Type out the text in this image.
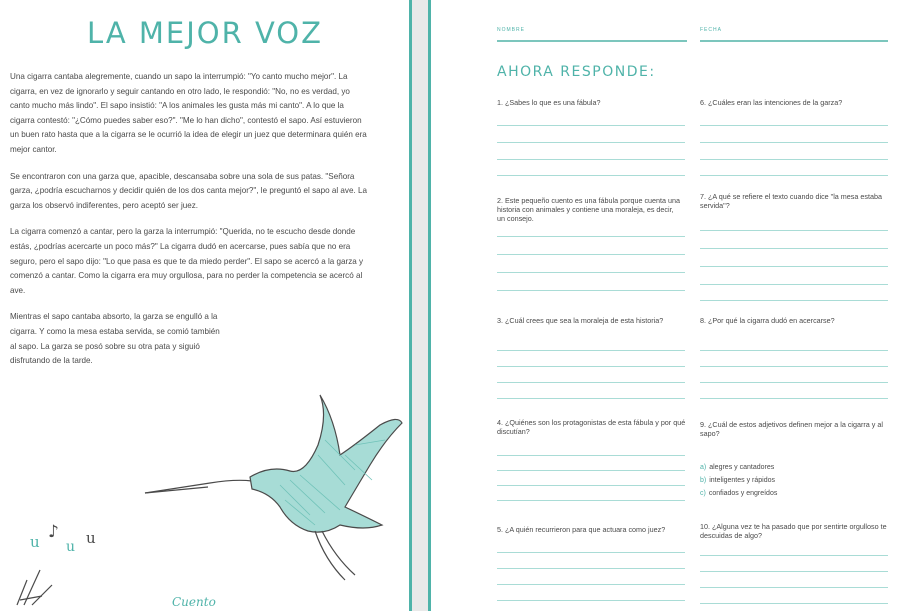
LA MEJOR VOZ

Una cigarra cantaba alegremente, cuando un sapo la interrumpió: "Yo canto mucho mejor". La cigarra, en vez de ignorarlo y seguir cantando en otro lado, le respondió: "No, no es verdad, yo canto mucho más lindo". El sapo insistió: "A los animales les gusta más mi canto". A lo que la cigarra contestó: "¿Cómo puedes saber eso?". "Me lo han dicho", contestó el sapo. Así estuvieron un buen rato hasta que a la cigarra se le ocurrió la idea de elegir un juez que determinara quién era mejor cantor.

Se encontraron con una garza que, apacible, descansaba sobre una sola de sus patas. "Señora garza, ¿podría escucharnos y decidir quién de los dos canta mejor?", le preguntó el sapo al ave. La garza los observó indiferentes, pero aceptó ser juez.

La cigarra comenzó a cantar, pero la garza la interrumpió: "Querida, no te escucho desde donde estás, ¿podrías acercarte un poco más?" La cigarra dudó en acercarse, pues sabía que no era seguro, pero el sapo dijo: "Lo que pasa es que te da miedo perder". El sapo se acercó a la garza y comenzó a cantar. Como la cigarra era muy orgullosa, para no perder la competencia se acercó al ave.

Mientras el sapo cantaba absorto, la garza se engulló a la cigarra. Y como la mesa estaba servida, se comió también al sapo. La garza se posó sobre su otra pata y siguió disfrutando de la tarde.

u ♪
u u
Cuento
NOMBRE	FECHA
AHORA RESPONDE:
1. ¿Sabes lo que es una fábula?
2. Este pequeño cuento es una fábula porque cuenta una historia con animales y contiene una moraleja, es decir, un consejo.
3. ¿Cuál crees que sea la moraleja de esta historia?
4. ¿Quiénes son los protagonistas de esta fábula y por qué discutían?
5. ¿A quién recurrieron para que actuara como juez?
6. ¿Cuáles eran las intenciones de la garza?
7. ¿A qué se refiere el texto cuando dice "la mesa estaba servida"?
8. ¿Por qué la cigarra dudó en acercarse?
9. ¿Cuál de estos adjetivos definen mejor a la cigarra y al sapo?
10. ¿Alguna vez te ha pasado que por sentirte orgulloso te descuidas de algo?
a) alegres y cantadores
b) inteligentes y rápidos
c) confiados y engreídos
